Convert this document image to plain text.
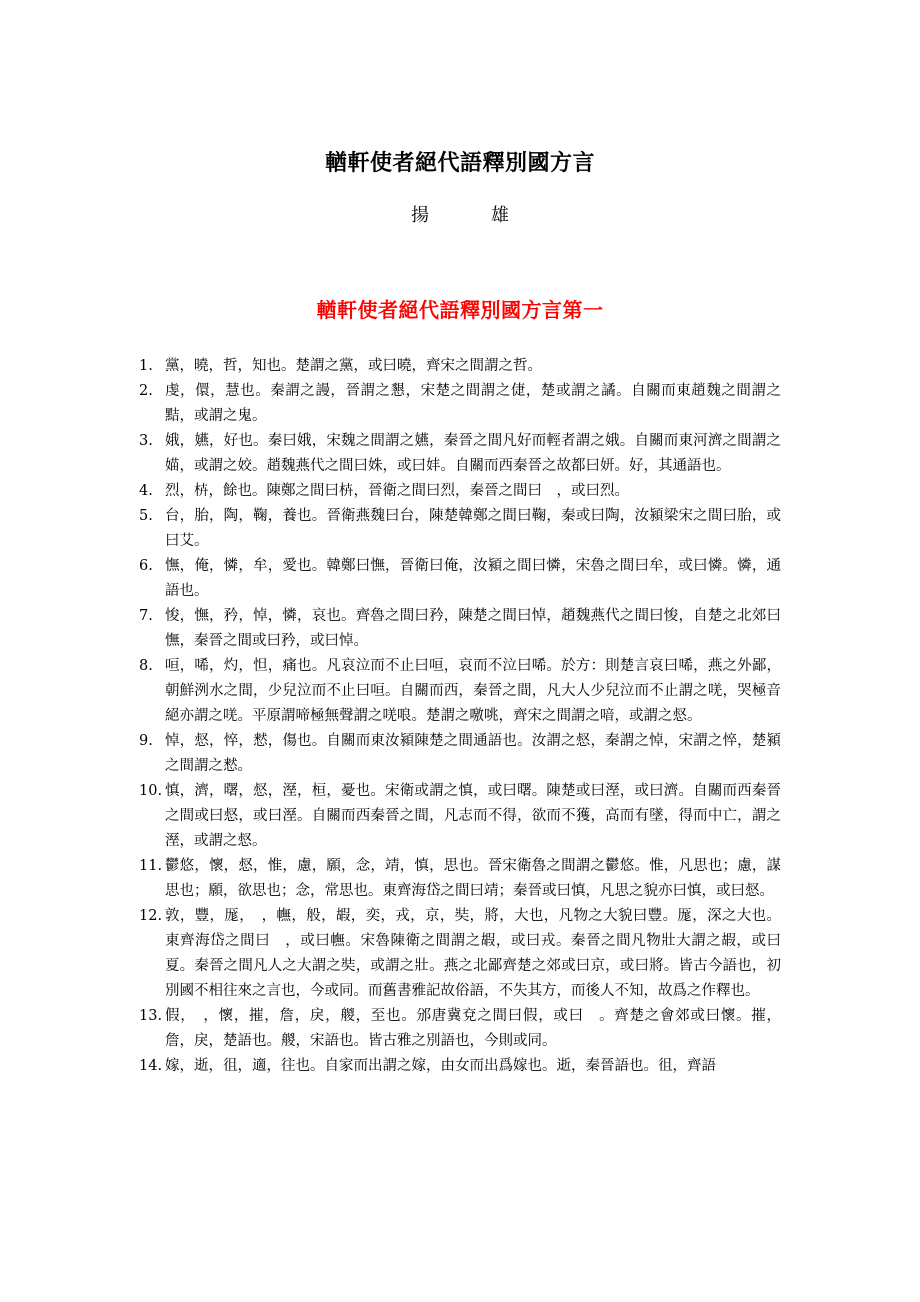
輶軒使者絕代語釋別國方言
揚　雄
輶軒使者絕代語釋別國方言第一
1. 黨，曉，哲，知也。楚謂之黨，或曰曉，齊宋之間謂之哲。
2. 虔，儇，慧也。秦謂之謾，晉謂之懇，宋楚之間謂之倢，楚或謂之譎。自關而東趙魏之間謂之黠，或謂之鬼。
3. 娥，嬿，好也。秦曰娥，宋魏之間謂之嬿，秦晉之間凡好而輕者謂之娥。自關而東河濟之間謂之媌，或謂之姣。趙魏燕代之間曰姝，或曰妦。自關而西秦晉之故都曰妍。好，其通語也。
4. 烈，枿，餘也。陳鄭之間曰枿，晉衛之間曰烈，秦晉之間曰　，或曰烈。
5. 台，胎，陶，鞠，養也。晉衛燕魏曰台，陳楚韓鄭之間曰鞠，秦或曰陶，汝潁梁宋之間曰胎，或曰艾。
6. 憮，俺，憐，牟，愛也。韓鄭曰憮，晉衛曰俺，汝潁之間曰憐，宋魯之間曰牟，或曰憐。憐，通語也。
7. 悛，憮，矜，悼，憐，哀也。齊魯之間曰矜，陳楚之間曰悼，趙魏燕代之間曰悛，自楚之北郊曰憮，秦晉之間或曰矜，或曰悼。
8. 咺，唏，灼，怛，痛也。凡哀泣而不止曰咺，哀而不泣曰唏。於方：則楚言哀曰唏，燕之外鄙，朝鮮洌水之間，少兒泣而不止曰咺。自關而西，秦晉之間，凡大人少兒泣而不止謂之唴，哭極音絕亦謂之唴。平原謂啼極無聲謂之唴哴。楚謂之噭咷，齊宋之間謂之喑，或謂之惄。
9. 悼，惄，悴，慭，傷也。自關而東汝潁陳楚之間通語也。汝謂之惄，秦謂之悼，宋謂之悴，楚潁之間謂之慭。
10. 慎，濟，曙，惄，溼，桓，憂也。宋衛或謂之慎，或曰曙。陳楚或曰溼，或曰濟。自關而西秦晉之間或曰惄，或曰溼。自關而西秦晉之間，凡志而不得，欲而不獲，高而有墜，得而中亡，謂之溼，或謂之惄。
11. 鬱悠，懷，惄，惟，慮，願，念，靖，慎，思也。晉宋衛魯之間謂之鬱悠。惟，凡思也；慮，謀思也；願，欲思也；念，常思也。東齊海岱之間曰靖；秦晉或曰慎，凡思之貌亦曰慎，或曰惄。
12. 敦，豐，厖，　，幠，般，嘏，奕，戎，京，奘，將，大也，凡物之大貌曰豐。厖，深之大也。東齊海岱之間曰　，或曰幠。宋魯陳衛之間謂之嘏，或曰戎。秦晉之間凡物壯大謂之嘏，或曰夏。秦晉之間凡人之大謂之奘，或謂之壯。燕之北鄙齊楚之郊或曰京，或曰將。皆古今語也，初別國不相往來之言也，今或同。而舊書雅記故俗語，不失其方，而後人不知，故爲之作釋也。
13. 假，　，懷，摧，詹，戾，艐，至也。邠唐冀兗之間曰假，或曰　。齊楚之會郊或曰懷。摧，詹，戾，楚語也。艐，宋語也。皆古雅之別語也，今則或同。
14. 嫁，逝，徂，適，往也。自家而出謂之嫁，由女而出爲嫁也。逝，秦晉語也。徂，齊語
